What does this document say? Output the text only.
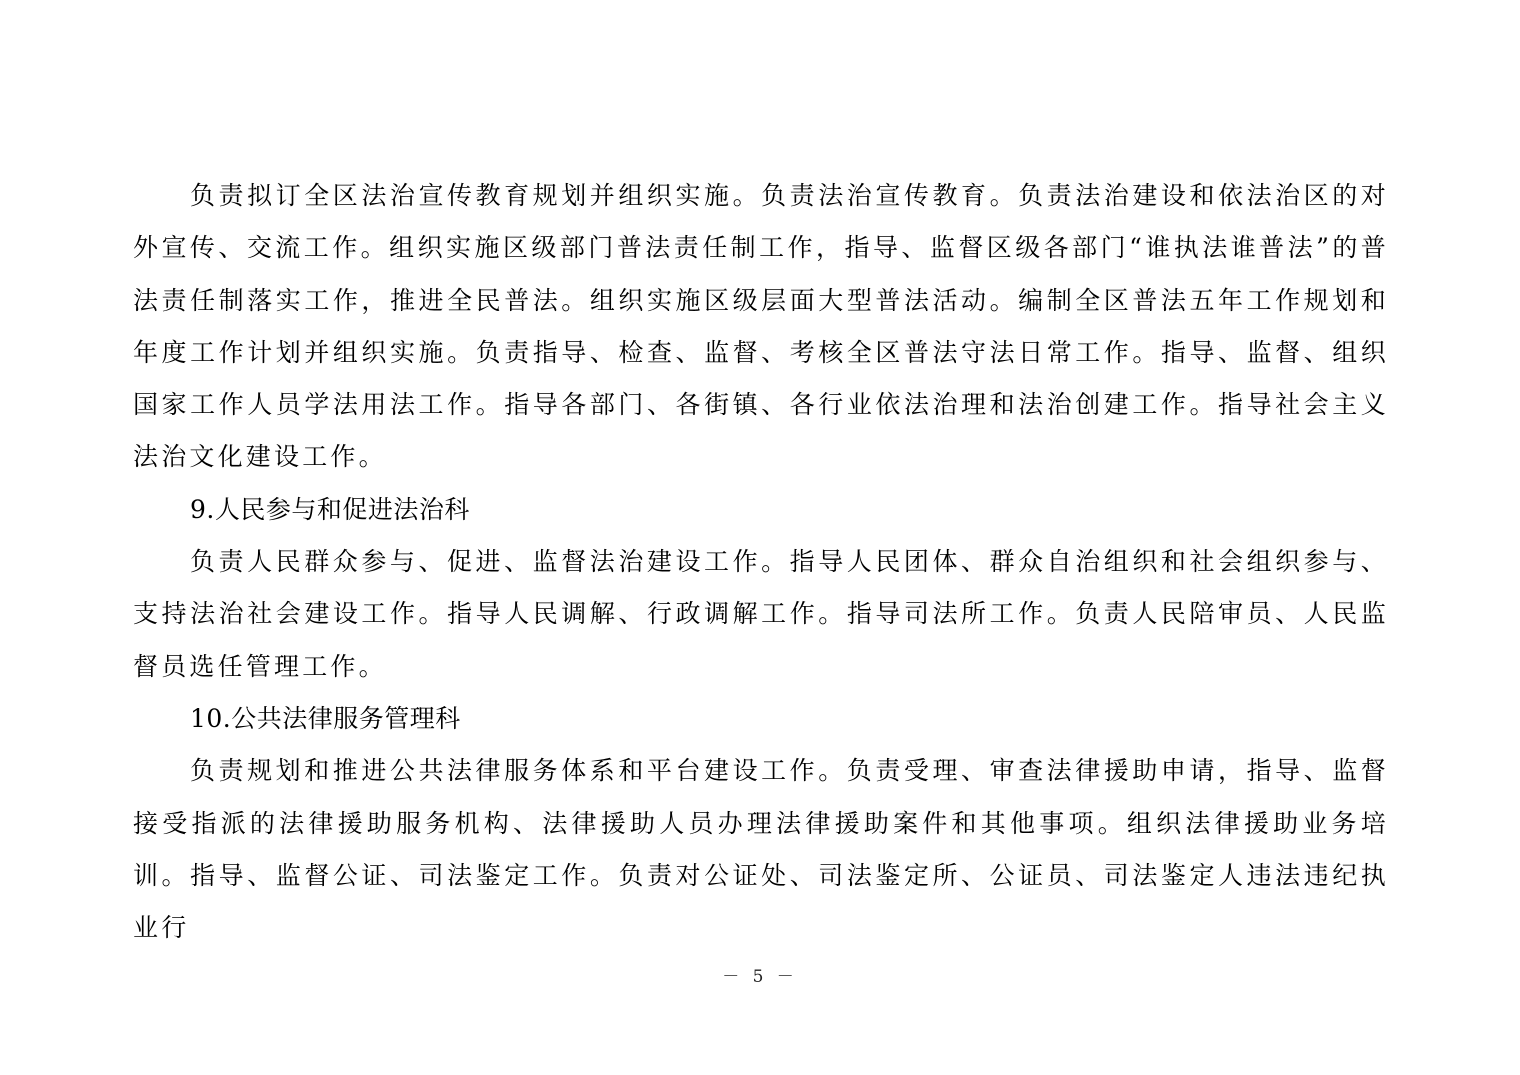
负责拟订全区法治宣传教育规划并组织实施。负责法治宣传教育。负责法治建设和依法治区的对外宣传、交流工作。组织实施区级部门普法责任制工作，指导、监督区级各部门“谁执法谁普法”的普法责任制落实工作，推进全民普法。组织实施区级层面大型普法活动。编制全区普法五年工作规划和年度工作计划并组织实施。负责指导、检查、监督、考核全区普法守法日常工作。指导、监督、组织国家工作人员学法用法工作。指导各部门、各街镇、各行业依法治理和法治创建工作。指导社会主义法治文化建设工作。

9.人民参与和促进法治科

负责人民群众参与、促进、监督法治建设工作。指导人民团体、群众自治组织和社会组织参与、支持法治社会建设工作。指导人民调解、行政调解工作。指导司法所工作。负责人民陪审员、人民监督员选任管理工作。

10.公共法律服务管理科

负责规划和推进公共法律服务体系和平台建设工作。负责受理、审查法律援助申请，指导、监督接受指派的法律援助服务机构、法律援助人员办理法律援助案件和其他事项。组织法律援助业务培训。指导、监督公证、司法鉴定工作。负责对公证处、司法鉴定所、公证员、司法鉴定人违法违纪执业行

－ 5 －
